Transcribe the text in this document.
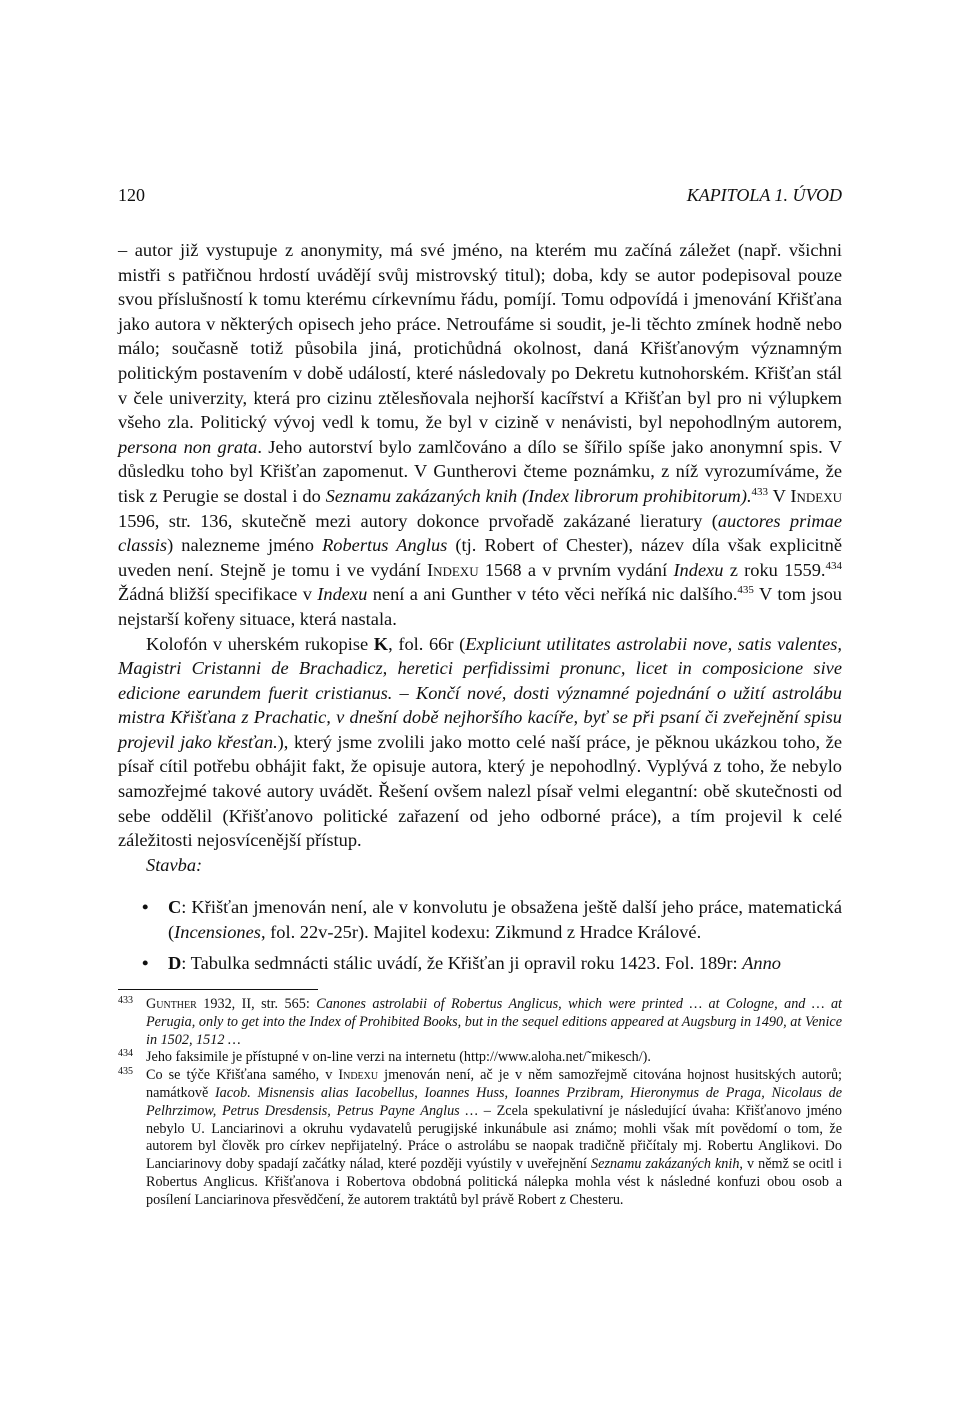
120	KAPITOLA 1. ÚVOD

– autor již vystupuje z anonymity, má své jméno, na kterém mu začíná záležet (např. všichni mistři s patřičnou hrdostí uvádějí svůj mistrovský titul); doba, kdy se autor podepisoval pouze svou příslušností k tomu kterému církevnímu řádu, pomíjí. Tomu odpovídá i jmenování Křišťana jako autora v některých opisech jeho práce. Netroufáme si soudit, je-li těchto zmínek hodně nebo málo; současně totiž působila jiná, protichůdná okolnost, daná Křišťanovým významným politickým postavením v době událostí, které následovaly po Dekretu kutnohorském. Křišťan stál v čele univerzity, která pro cizinu ztělesňovala nejhorší kacířství a Křišťan byl pro ni výlupkem všeho zla. Politický vývoj vedl k tomu, že byl v cizině v nenávisti, byl nepohodlným autorem, persona non grata. Jeho autorství bylo zamlčováno a dílo se šířilo spíše jako anonymní spis. V důsledku toho byl Křišťan zapomenut. V Guntherovi čteme poznámku, z níž vyrozumíváme, že tisk z Perugie se dostal i do Seznamu zakázaných knih (Index librorum prohibitorum).$^{433}$ V Indexu 1596, str. 136, skutečně mezi autory dokonce prvořadě zakázané lieratury (auctores primae classis) nalezneme jméno Robertus Anglus (tj. Robert of Chester), název díla však explicitně uveden není. Stejně je tomu i ve vydání Indexu 1568 a v prvním vydání Indexu z roku 1559.$^{434}$ Žádná bližší specifikace v Indexu není a ani Gunther v této věci neříká nic dalšího.$^{435}$ V tom jsou nejstarší kořeny situace, která nastala.

Kolofón v uherském rukopise K, fol. 66r (Expliciunt utilitates astrolabii nove, satis valentes, Magistri Cristanni de Brachadicz, heretici perfidissimi pronunc, licet in composicione sive edicione earundem fuerit cristianus. – Končí nové, dosti významné pojednání o užití astrolábu mistra Křišťana z Prachatic, v dnešní době nejhoršího kacíře, byť se při psaní či zveřejnění spisu projevil jako křesťan.), který jsme zvolili jako motto celé naší práce, je pěknou ukázkou toho, že písař cítil potřebu obhájit fakt, že opisuje autora, který je nepohodlný. Vyplývá z toho, že nebylo samozřejmé takové autory uvádět. Řešení ovšem nalezl písař velmi elegantní: obě skutečnosti od sebe oddělil (Křišťanovo politické zařazení od jeho odborné práce), a tím projevil k celé záležitosti nejosvícenější přístup.

Stavba:

• C: Křišťan jmenován není, ale v konvolutu je obsažena ještě další jeho práce, matematická (Incensiones, fol. 22v-25r). Majitel kodexu: Zikmund z Hradce Králové.
• D: Tabulka sedmnácti stálic uvádí, že Křišťan ji opravil roku 1423. Fol. 189r: Anno

433 Gunther 1932, II, str. 565: Canones astrolabii of Robertus Anglicus, which were printed … at Cologne, and … at Perugia, only to get into the Index of Prohibited Books, but in the sequel editions appeared at Augsburg in 1490, at Venice in 1502, 1512 …

434 Jeho faksimile je přístupné v on-line verzi na internetu (http://www.aloha.net/˜mikesch/).

435 Co se týče Křišťana samého, v Indexu jmenován není, ač je v něm samozřejmě citována hojnost husitských autorů; namátkově Iacob. Misnensis alias Iacobellus, Ioannes Huss, Ioannes Przibram, Hieronymus de Praga, Nicolaus de Pelhrzimow, Petrus Dresdensis, Petrus Payne Anglus … – Zcela spekulativní je následující úvaha: Křišťanovo jméno nebylo U. Lanciarinovi a okruhu vydavatelů perugijské inkunábule asi známo; mohli však mít povědomí o tom, že autorem byl člověk pro církev nepřijatelný. Práce o astrolábu se naopak tradičně přičítaly mj. Robertu Anglikovi. Do Lanciarinovy doby spadají začátky nálad, které později vyústily v uveřejnění Seznamu zakázaných knih, v němž se ocitl i Robertus Anglicus. Křišťanova i Robertova obdobná politická nálepka mohla vést k následné konfuzi obou osob a posílení Lanciarinova přesvědčení, že autorem traktátů byl právě Robert z Chesteru.
